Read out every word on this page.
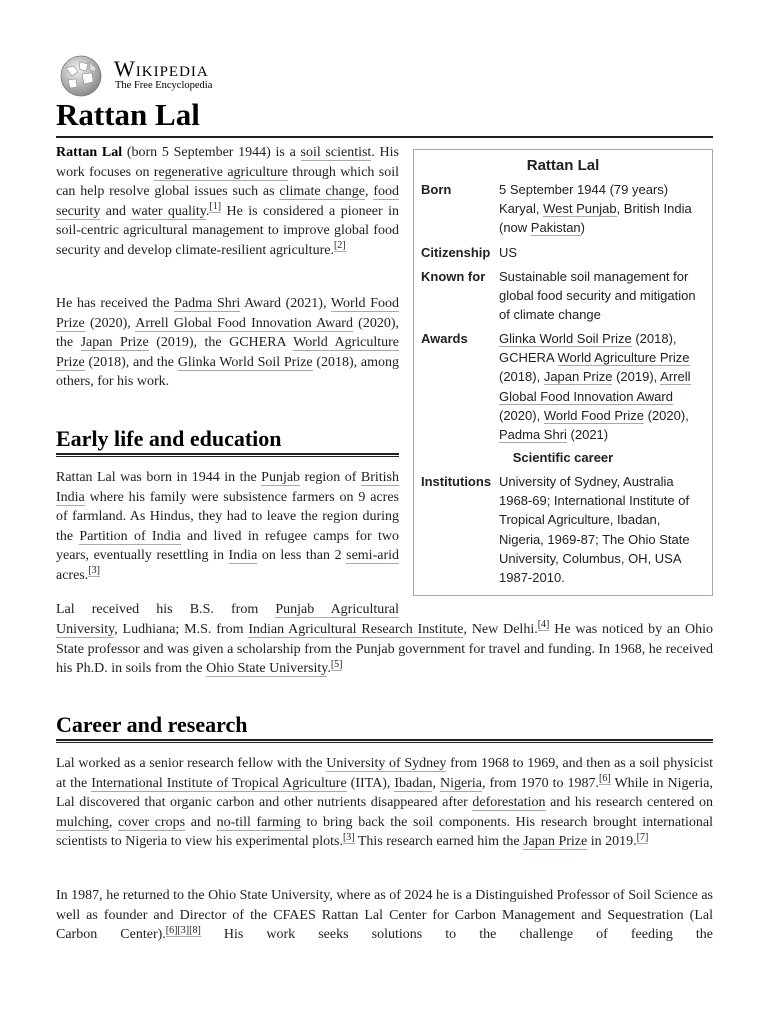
Wikipedia
The Free Encyclopedia
Rattan Lal

Rattan Lal (born 5 September 1944) is a soil scientist. His work focuses on regenerative agriculture through which soil can help resolve global issues such as climate change, food security and water quality.[1] He is considered a pioneer in soil-centric agricultural management to improve global food security and develop climate-resilient agriculture.[2]

He has received the Padma Shri Award (2021), World Food Prize (2020), Arrell Global Food Innovation Award (2020), the Japan Prize (2019), the GCHERA World Agriculture Prize (2018), and the Glinka World Soil Prize (2018), among others, for his work.

Early life and education

Rattan Lal was born in 1944 in the Punjab region of British India where his family were subsistence farmers on 9 acres of farmland. As Hindus, they had to leave the region during the Partition of India and lived in refugee camps for two years, eventually resettling in India on less than 2 semi-arid acres.[3]

Lal received his B.S. from Punjab Agricultural

University, Ludhiana; M.S. from Indian Agricultural Research Institute, New Delhi.[4] He was noticed by an Ohio State professor and was given a scholarship from the Punjab government for travel and funding. In 1968, he received his Ph.D. in soils from the Ohio State University.[5]

Career and research

Lal worked as a senior research fellow with the University of Sydney from 1968 to 1969, and then as a soil physicist at the International Institute of Tropical Agriculture (IITA), Ibadan, Nigeria, from 1970 to 1987.[6] While in Nigeria, Lal discovered that organic carbon and other nutrients disappeared after deforestation and his research centered on mulching, cover crops and no-till farming to bring back the soil components. His research brought international scientists to Nigeria to view his experimental plots.[3] This research earned him the Japan Prize in 2019.[7]

In 1987, he returned to the Ohio State University, where as of 2024 he is a Distinguished Professor of Soil Science as well as founder and Director of the CFAES Rattan Lal Center for Carbon Management and Sequestration (Lal Carbon Center).[6][3][8] His work seeks solutions to the challenge of feeding the

Rattan Lal
Born	5 September 1944 (79 years)
Karyal, West Punjab, British India (now Pakistan)
Citizenship US
Known for Sustainable soil management for global food security and mitigation of climate change
Awards Glinka World Soil Prize (2018), GCHERA World Agriculture Prize (2018), Japan Prize (2019), Arrell Global Food Innovation Award (2020), World Food Prize (2020), Padma Shri (2021)
Scientific career
Institutions University of Sydney, Australia 1968-69; International Institute of Tropical Agriculture, Ibadan, Nigeria, 1969-87; The Ohio State University, Columbus, OH, USA 1987-2010.
